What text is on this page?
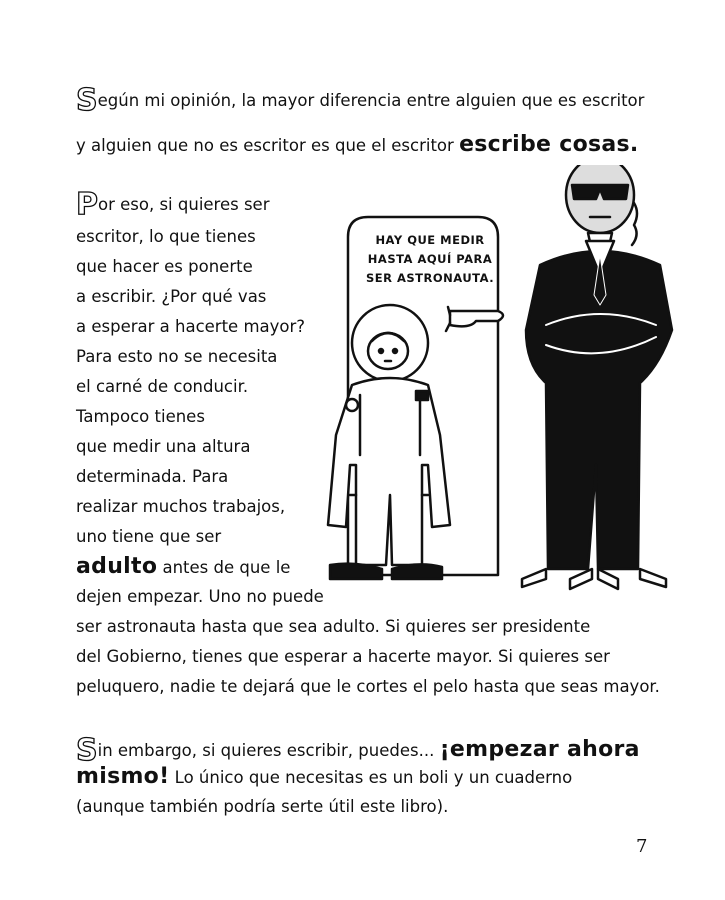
Según mi opinión, la mayor diferencia entre alguien que es escritor
y alguien que no es escritor es que el escritor escribe cosas.
Por eso, si quieres ser
escritor, lo que tienes
que hacer es ponerte
a escribir. ¿Por qué vas
a esperar a hacerte mayor?
Para esto no se necesita
el carné de conducir.
Tampoco tienes
que medir una altura
determinada. Para
realizar muchos trabajos,
uno tiene que ser
adulto antes de que le
dejen empezar. Uno no puede
ser astronauta hasta que sea adulto. Si quieres ser presidente
del Gobierno, tienes que esperar a hacerte mayor. Si quieres ser
peluquero, nadie te dejará que le cortes el pelo hasta que seas mayor.
Sin embargo, si quieres escribir, puedes... ¡empezar ahora
mismo! Lo único que necesitas es un boli y un cuaderno
(aunque también podría serte útil este libro).
HAY QUE MEDIR
HASTA AQUÍ PARA
SER ASTRONAUTA.
7
